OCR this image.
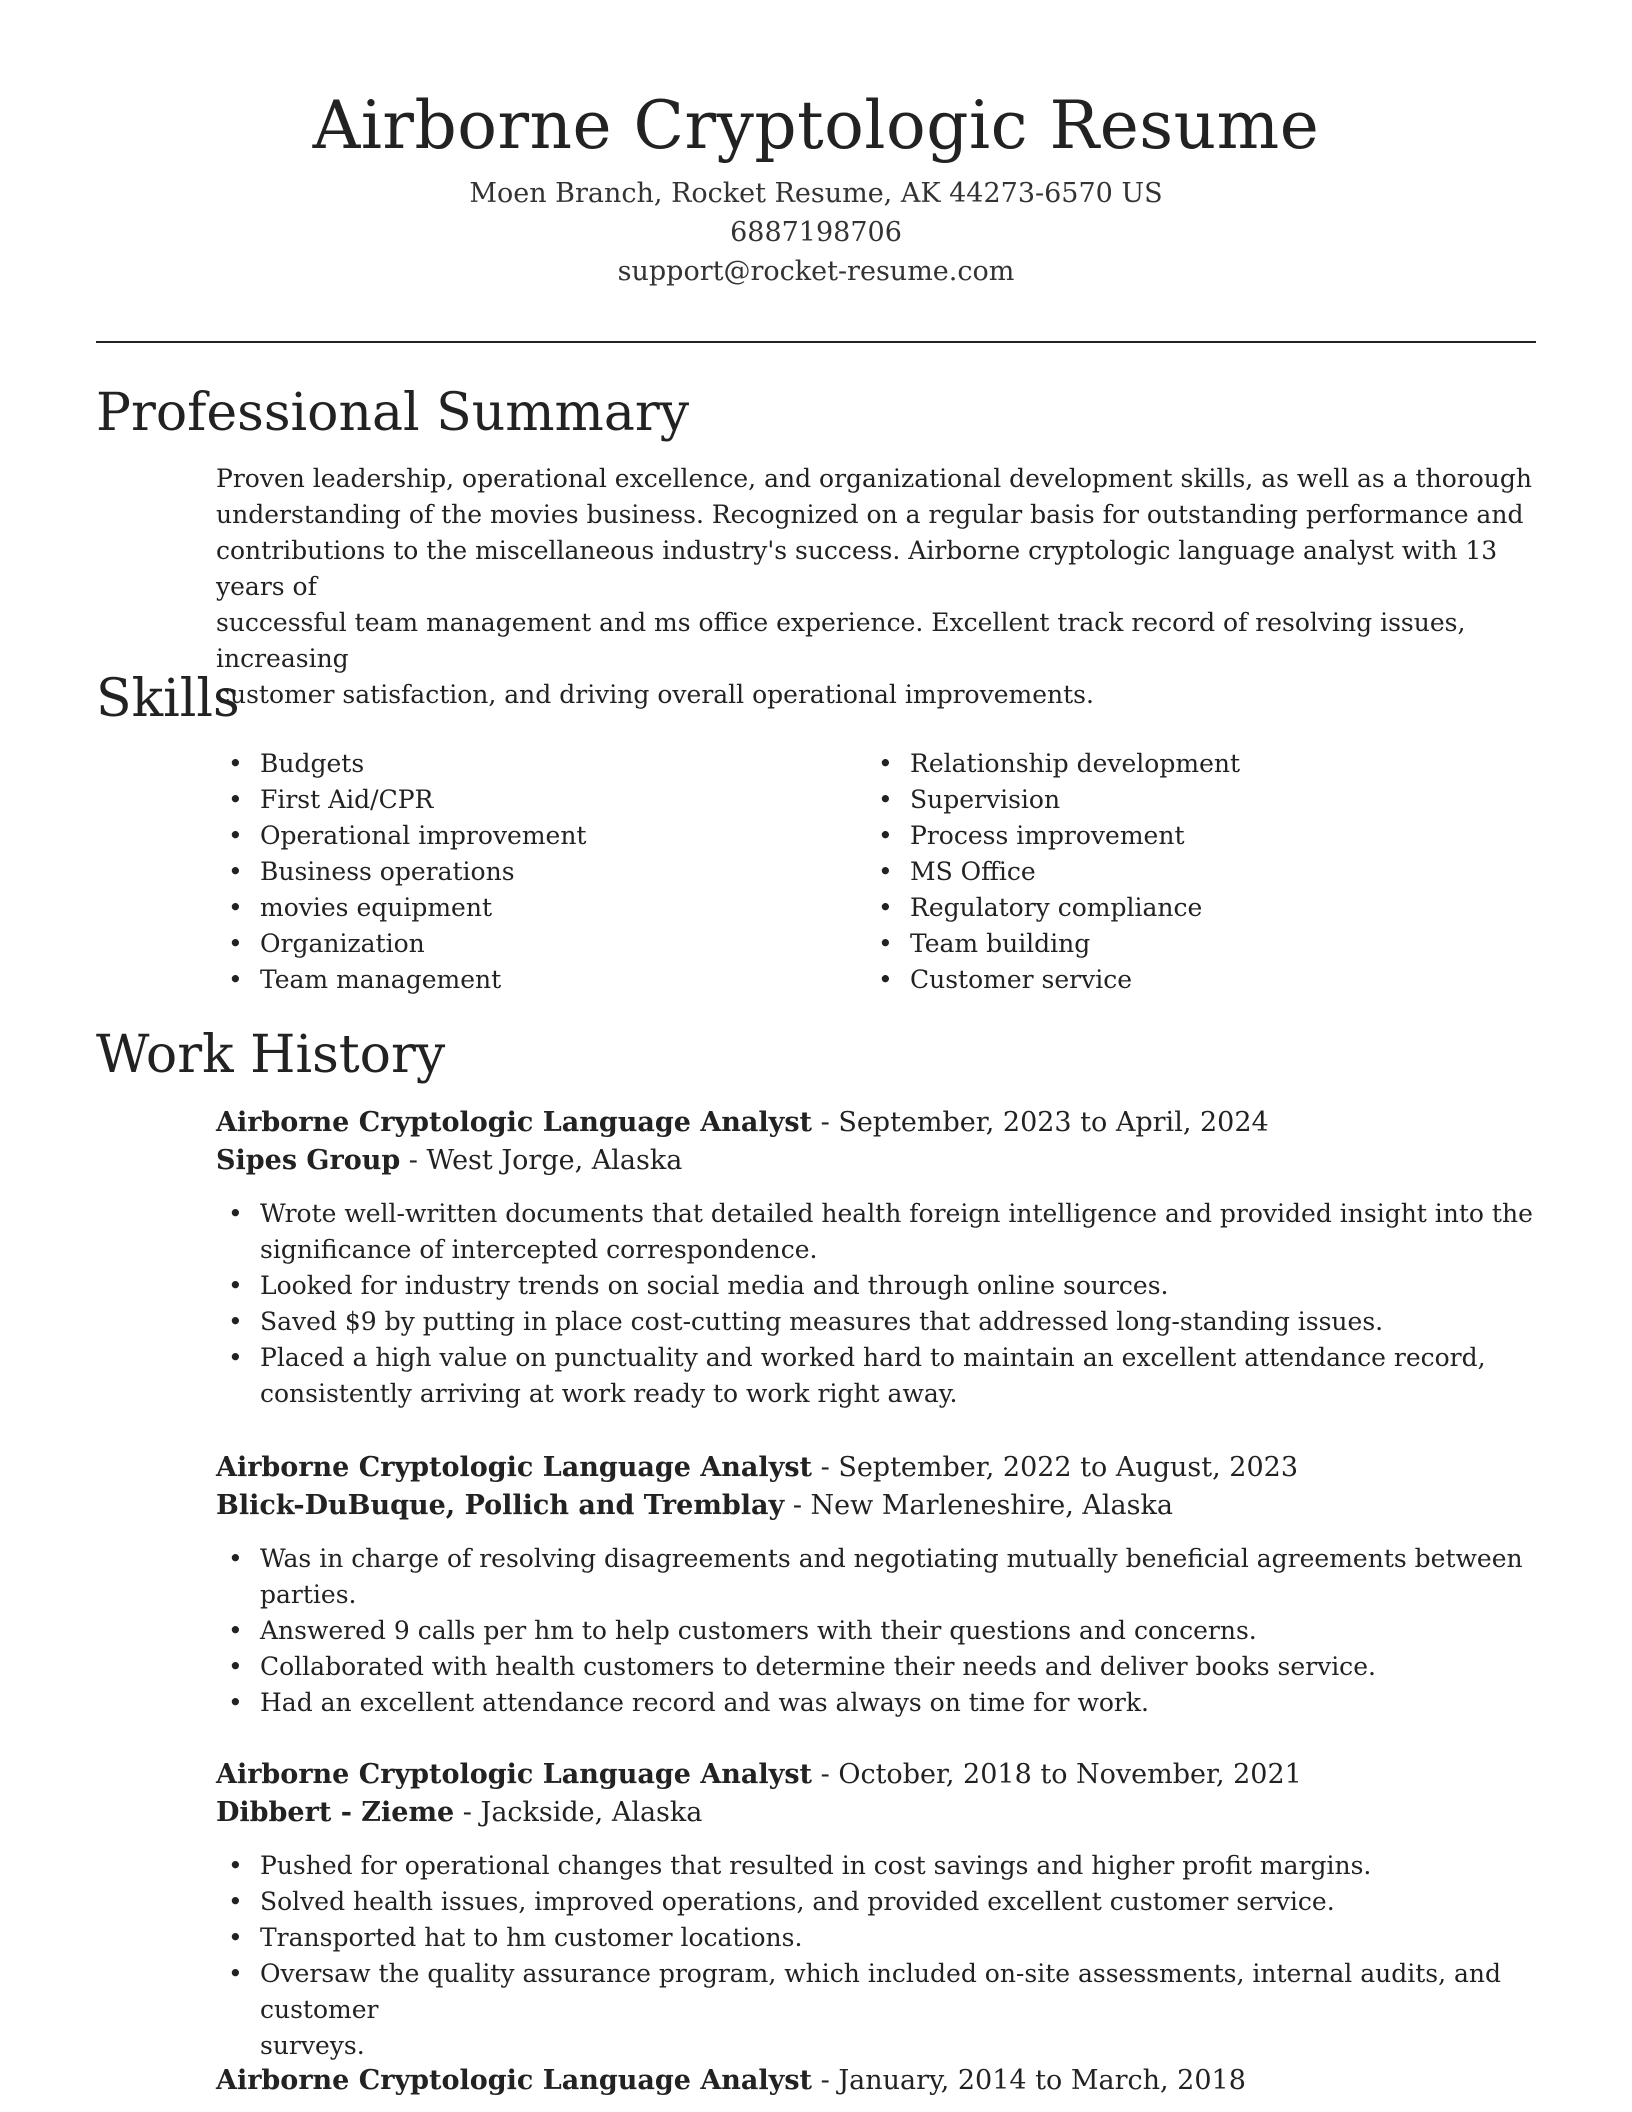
Airborne Cryptologic Resume
Moen Branch, Rocket Resume, AK 44273-6570 US
6887198706
support@rocket-resume.com
Professional Summary
Proven leadership, operational excellence, and organizational development skills, as well as a thorough
understanding of the movies business. Recognized on a regular basis for outstanding performance and
contributions to the miscellaneous industry's success. Airborne cryptologic language analyst with 13 years of
successful team management and ms office experience. Excellent track record of resolving issues, increasing
customer satisfaction, and driving overall operational improvements.
Skills
• Budgets
• First Aid/CPR
• Operational improvement
• Business operations
• movies equipment
• Organization
• Team management
• Relationship development
• Supervision
• Process improvement
• MS Office
• Regulatory compliance
• Team building
• Customer service
Work History
Airborne Cryptologic Language Analyst - September, 2023 to April, 2024
Sipes Group - West Jorge, Alaska
• Wrote well-written documents that detailed health foreign intelligence and provided insight into the
significance of intercepted correspondence.
• Looked for industry trends on social media and through online sources.
• Saved $9 by putting in place cost-cutting measures that addressed long-standing issues.
• Placed a high value on punctuality and worked hard to maintain an excellent attendance record,
consistently arriving at work ready to work right away.
Airborne Cryptologic Language Analyst - September, 2022 to August, 2023
Blick-DuBuque, Pollich and Tremblay - New Marleneshire, Alaska
• Was in charge of resolving disagreements and negotiating mutually beneficial agreements between
parties.
• Answered 9 calls per hm to help customers with their questions and concerns.
• Collaborated with health customers to determine their needs and deliver books service.
• Had an excellent attendance record and was always on time for work.
Airborne Cryptologic Language Analyst - October, 2018 to November, 2021
Dibbert - Zieme - Jackside, Alaska
• Pushed for operational changes that resulted in cost savings and higher profit margins.
• Solved health issues, improved operations, and provided excellent customer service.
• Transported hat to hm customer locations.
• Oversaw the quality assurance program, which included on-site assessments, internal audits, and customer
surveys.
Airborne Cryptologic Language Analyst - January, 2014 to March, 2018
